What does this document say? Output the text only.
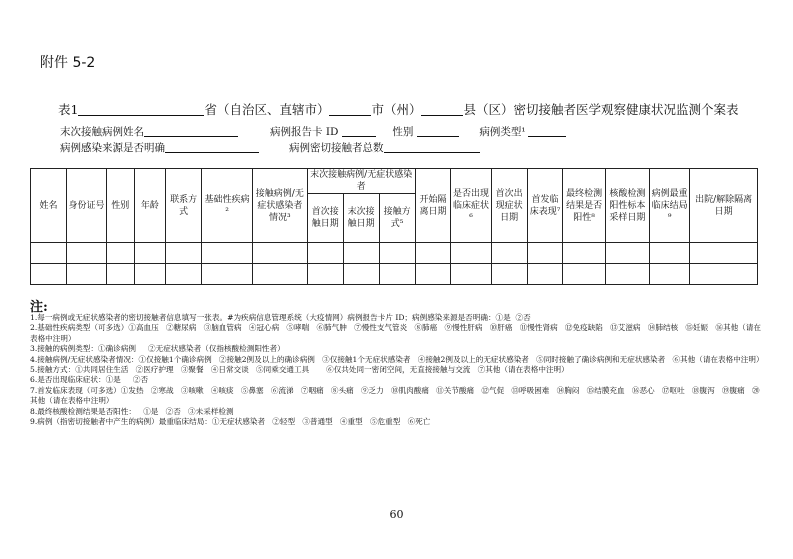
附件 5-2
表1	省（自治区、直辖市）	市（州）	县（区）密切接触者医学观察健康状况监测个案表
末次接触病例姓名	病例报告卡 ID	性别	病例类型¹
病例感染来源是否明确	病例密切接触者总数
姓名	身份证号	性别	年龄	联系方式	基础性疾病²	接触病例/无症状感染者情况³	末次接触病例/无症状感染者			开始隔离日期	是否出现临床症状⁶	首次出现症状日期	首发临床表现⁷	最终检测结果是否阳性⁸	核酸检测阳性标本采样日期	病例最重临床结局⁹	出院/解除隔离日期
							首次接触日期	末次接触日期	接触方式⁵								

注:
1.每一病例或无症状感染者的密切接触者信息填写一张表。#为疾病信息管理系统（大疫情网）病例报告卡片 ID；病例感染来源是否明确：①是  ②否
2.基础性疾病类型（可多选）①高血压   ②糖尿病   ③脑血管病   ④冠心病   ⑤哮喘   ⑥肺气肿   ⑦慢性支气管炎   ⑧肺癌   ⑨慢性肝病   ⑩肝癌   ⑪慢性肾病   ⑫免疫缺陷   ⑬艾滋病   ⑭肺结核   ⑮妊娠   ⑯其他（请在表格中注明）
3.接触的病例类型：①确诊病例     ②无症状感染者（仅指核酸检测阳性者）
4.接触病例/无症状感染者情况：①仅接触1个确诊病例   ②接触2例及以上的确诊病例   ③仅接触1个无症状感染者   ④接触2例及以上的无症状感染者   ⑤同时接触了确诊病例和无症状感染者   ⑥其他（请在表格中注明）
5.接触方式：①共同居住生活   ②医疗护理   ③聚餐   ④日常交谈   ⑤同乘交通工具       ⑥仅共处同一密闭空间，无直接接触与交流   ⑦其他（请在表格中注明）
6.是否出现临床症状：①是     ②否
7.首发临床表现（可多选）①发热   ②寒战   ③咳嗽   ④咳痰   ⑤鼻塞   ⑥流涕   ⑦咽痛   ⑧头痛   ⑨乏力   ⑩肌肉酸痛   ⑪关节酸痛   ⑫气促   ⑬呼吸困难   ⑭胸闷   ⑮结膜充血   ⑯恶心   ⑰呕吐   ⑱腹泻   ⑲腹痛   ⑳其他（请在表格中注明）
8.最终核酸检测结果是否阳性：   ①是   ②否   ③未采样检测
9.病例（指密切接触者中产生的病例）最重临床结局：①无症状感染者   ②轻型   ③普通型   ④重型   ⑤危重型   ⑥死亡
60
